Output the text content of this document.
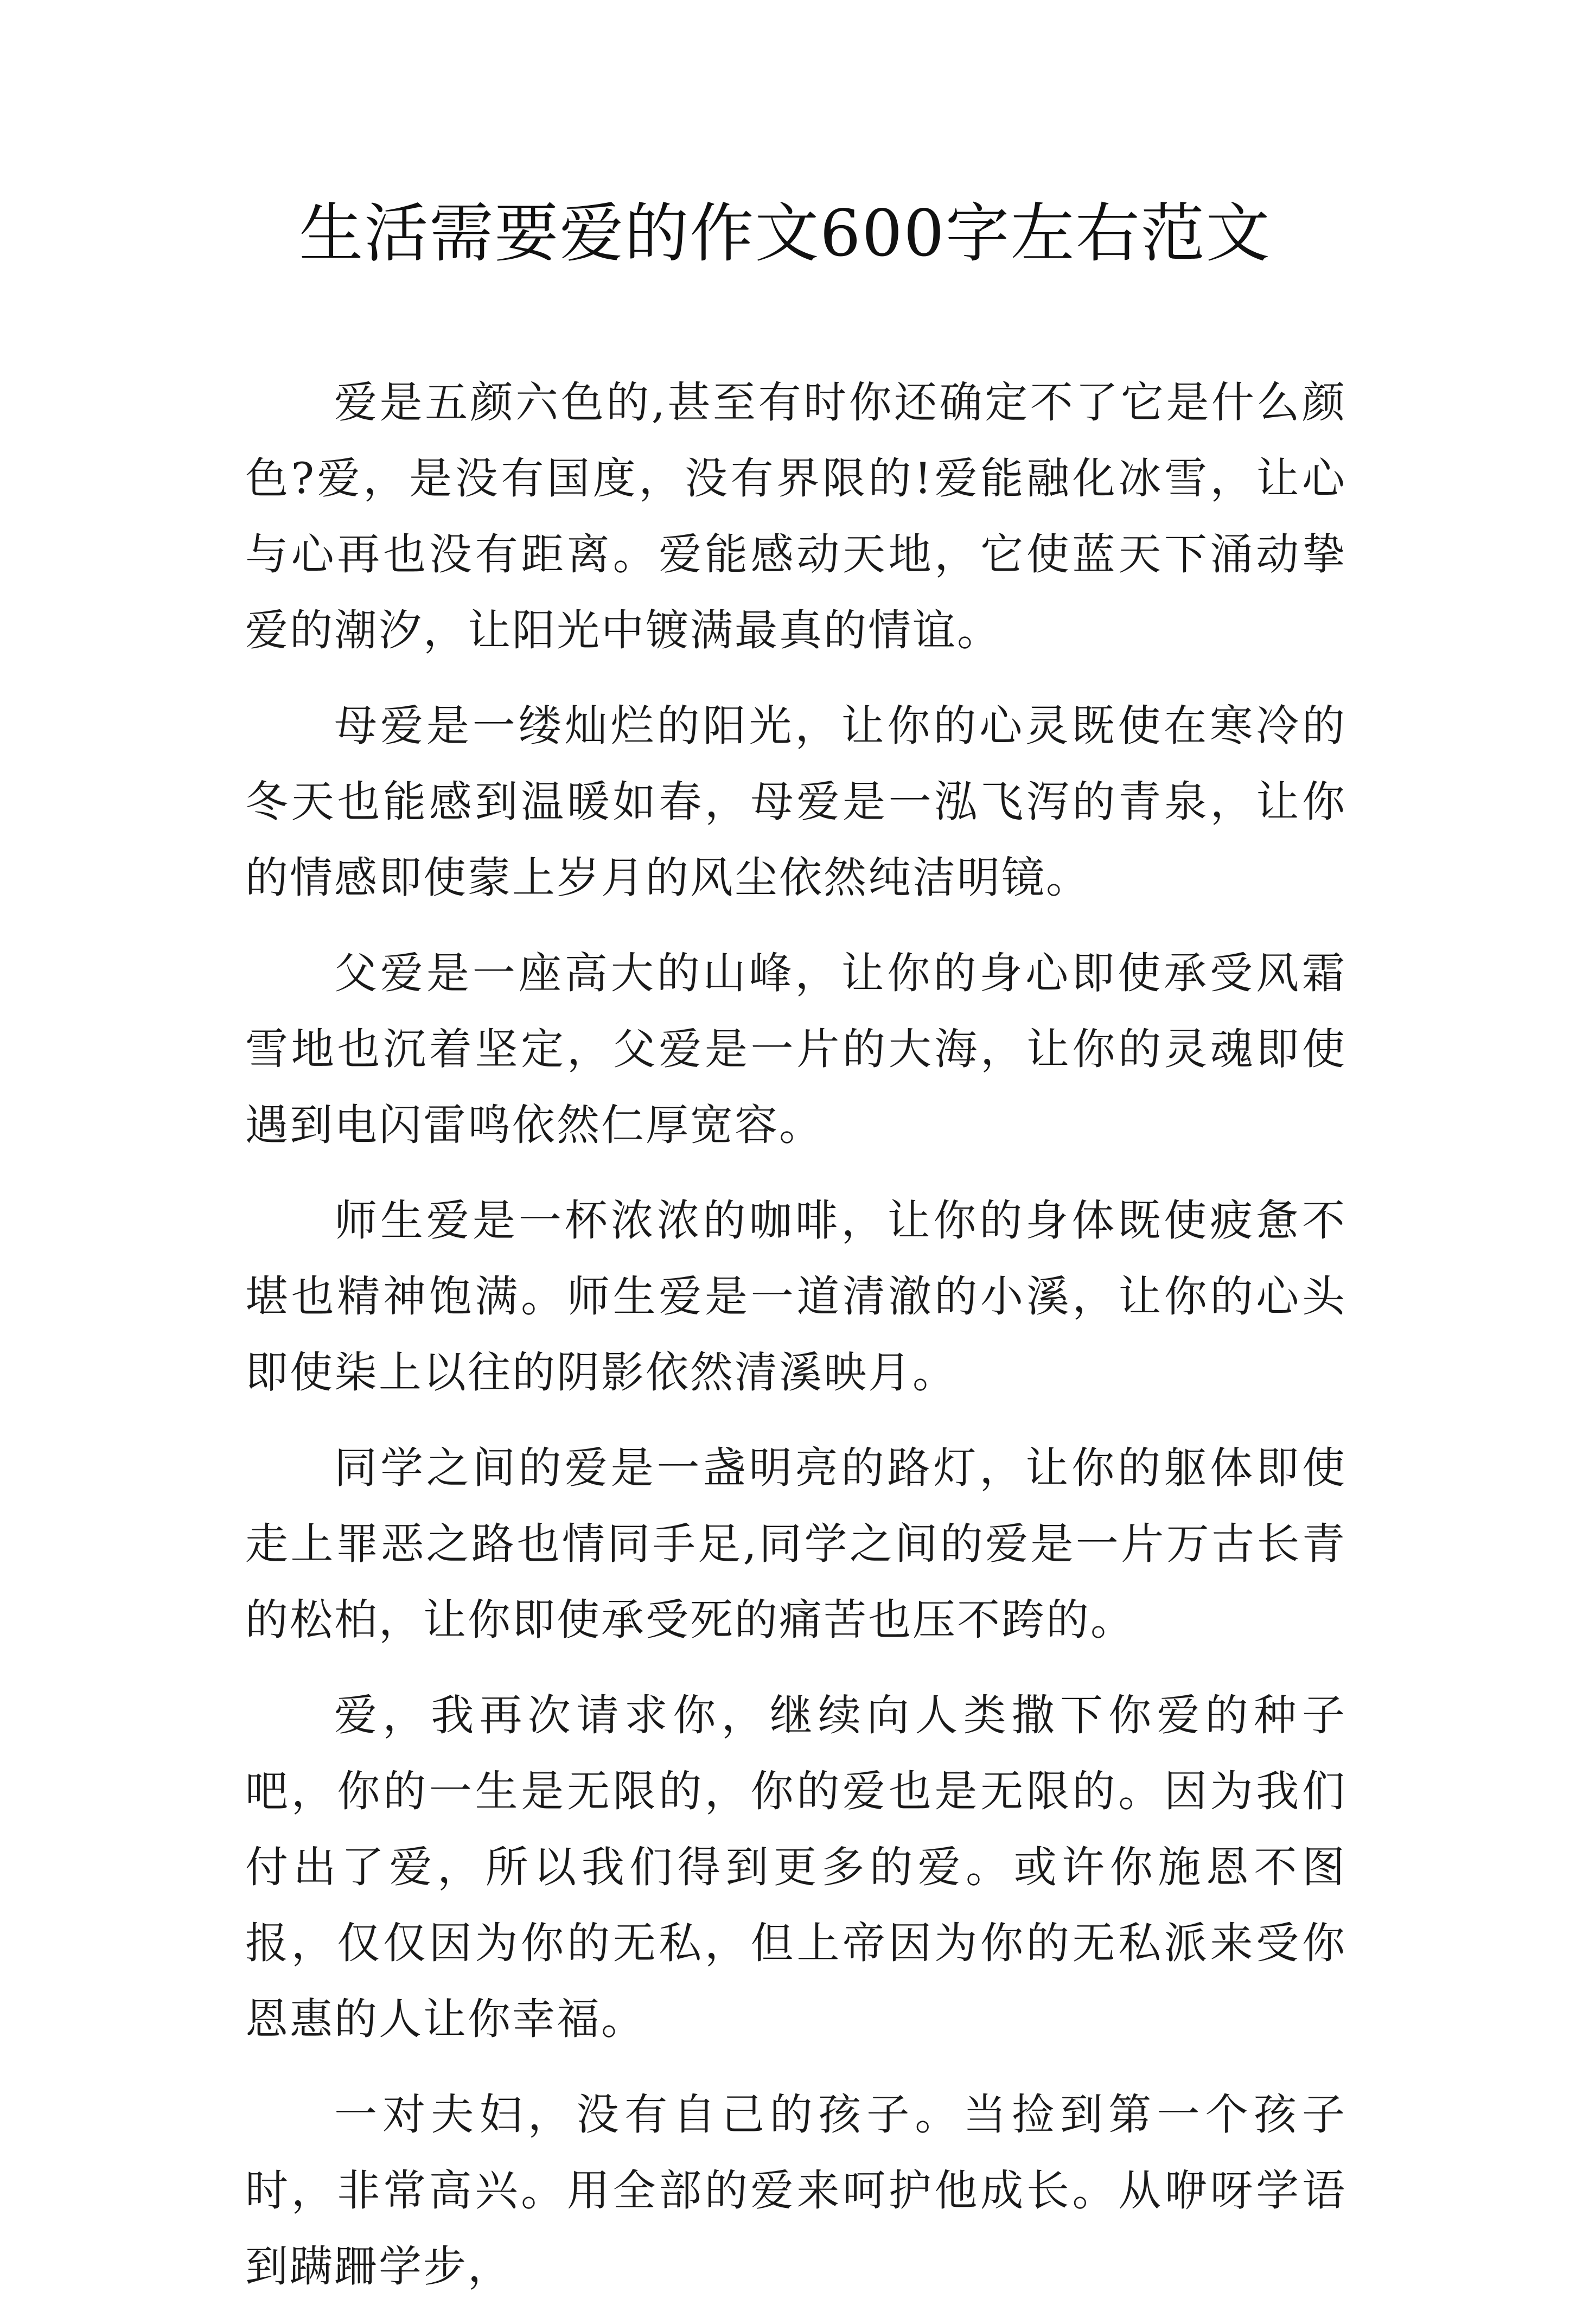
生活需要爱的作文600字左右范文

爱是五颜六色的,甚至有时你还确定不了它是什么颜色?爱，是没有国度，没有界限的!爱能融化冰雪，让心与心再也没有距离。爱能感动天地，它使蓝天下涌动挚爱的潮汐，让阳光中镀满最真的情谊。

母爱是一缕灿烂的阳光，让你的心灵既使在寒冷的冬天也能感到温暖如春，母爱是一泓飞泻的青泉，让你的情感即使蒙上岁月的风尘依然纯洁明镜。

父爱是一座高大的山峰，让你的身心即使承受风霜雪地也沉着坚定，父爱是一片的大海，让你的灵魂即使遇到电闪雷鸣依然仁厚宽容。

师生爱是一杯浓浓的咖啡，让你的身体既使疲惫不堪也精神饱满。师生爱是一道清澈的小溪，让你的心头即使柒上以往的阴影依然清溪映月。

同学之间的爱是一盏明亮的路灯，让你的躯体即使走上罪恶之路也情同手足,同学之间的爱是一片万古长青的松柏，让你即使承受死的痛苦也压不跨的。

爱，我再次请求你，继续向人类撒下你爱的种子吧，你的一生是无限的，你的爱也是无限的。因为我们付出了爱，所以我们得到更多的爱。或许你施恩不图报，仅仅因为你的无私，但上帝因为你的无私派来受你恩惠的人让你幸福。

一对夫妇，没有自己的孩子。当捡到第一个孩子时，非常高兴。用全部的爱来呵护他成长。从咿呀学语到蹒跚学步，
